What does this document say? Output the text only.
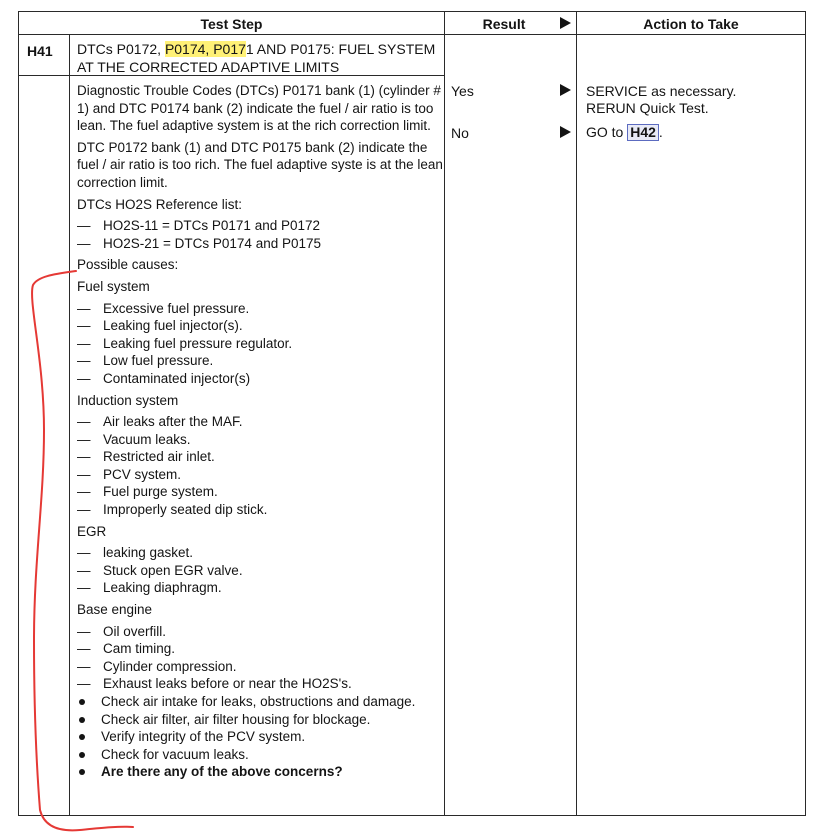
Test Step	Result	Action to Take
H41 DTCs P0172, P0174, P0171 AND P0175: FUEL SYSTEM AT THE CORRECTED ADAPTIVE LIMITS

Diagnostic Trouble Codes (DTCs) P0171 bank (1) (cylinder # 1) and DTC P0174 bank (2) indicate the fuel / air ratio is too lean. The fuel adaptive system is at the rich correction limit.

DTC P0172 bank (1) and DTC P0175 bank (2) indicate the fuel / air ratio is too rich. The fuel adaptive syste is at the lean correction limit.

DTCs HO2S Reference list:

— HO2S-11 = DTCs P0171 and P0172

— HO2S-21 = DTCs P0174 and P0175

Possible causes:

Fuel system

— Excessive fuel pressure.

— Leaking fuel injector(s).

— Leaking fuel pressure regulator.

— Low fuel pressure.

— Contaminated injector(s)

Induction system

— Air leaks after the MAF.

— Vacuum leaks.

— Restricted air inlet.

— PCV system.

— Fuel purge system.

— Improperly seated dip stick.

EGR

— leaking gasket.

— Stuck open EGR valve.

— Leaking diaphragm.

Base engine

— Oil overfill.

— Cam timing.

— Cylinder compression.

— Exhaust leaks before or near the HO2S's.

Check air intake for leaks, obstructions and damage.

Check air filter, air filter housing for blockage.

Verify integrity of the PCV system.

Check for vacuum leaks.

Are there any of the above concerns?

Yes	SERVICE as necessary.
RERUN Quick Test.
No	GO to H42 .
